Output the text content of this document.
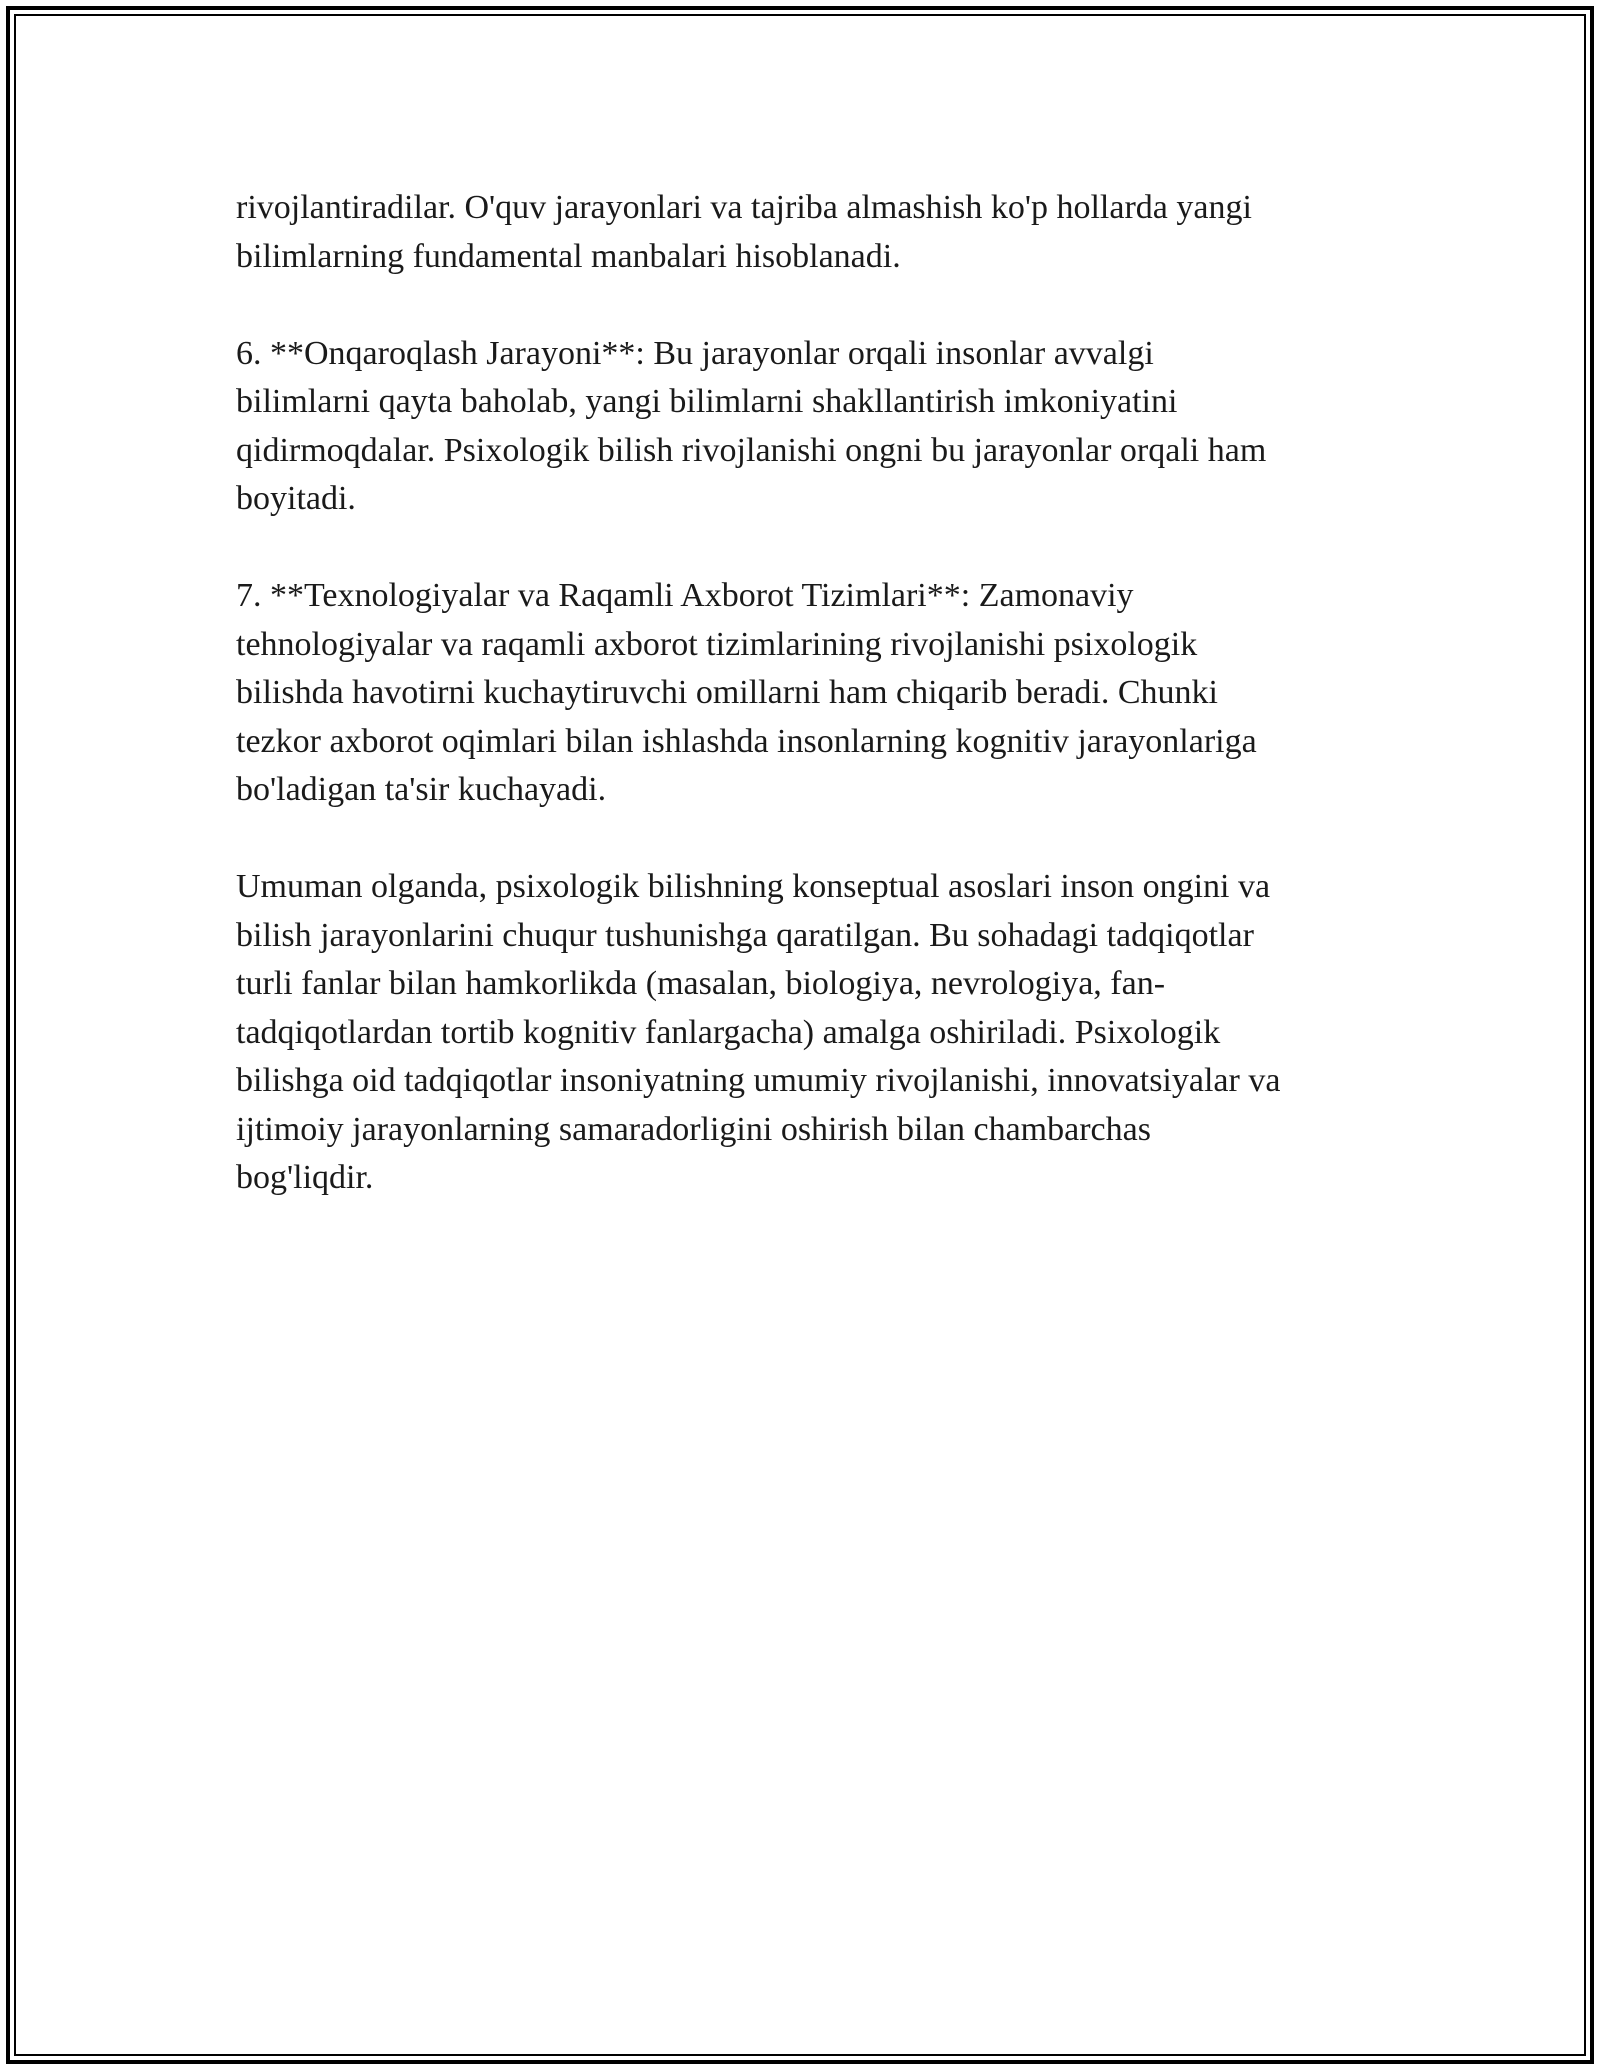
rivojlantiradilar. O'quv jarayonlari va tajriba almashish ko'p hollarda yangi
bilimlarning fundamental manbalari hisoblanadi.

6. **Onqaroqlash Jarayoni**: Bu jarayonlar orqali insonlar avvalgi
bilimlarni qayta baholab, yangi bilimlarni shakllantirish imkoniyatini
qidirmoqdalar. Psixologik bilish rivojlanishi ongni bu jarayonlar orqali ham
boyitadi.

7. **Texnologiyalar va Raqamli Axborot Tizimlari**: Zamonaviy
tehnologiyalar va raqamli axborot tizimlarining rivojlanishi psixologik
bilishda havotirni kuchaytiruvchi omillarni ham chiqarib beradi. Chunki
tezkor axborot oqimlari bilan ishlashda insonlarning kognitiv jarayonlariga
bo'ladigan ta'sir kuchayadi.

Umuman olganda, psixologik bilishning konseptual asoslari inson ongini va
bilish jarayonlarini chuqur tushunishga qaratilgan. Bu sohadagi tadqiqotlar
turli fanlar bilan hamkorlikda (masalan, biologiya, nevrologiya, fan-
tadqiqotlardan tortib kognitiv fanlargacha) amalga oshiriladi. Psixologik
bilishga oid tadqiqotlar insoniyatning umumiy rivojlanishi, innovatsiyalar va
ijtimoiy jarayonlarning samaradorligini oshirish bilan chambarchas
bog'liqdir.
